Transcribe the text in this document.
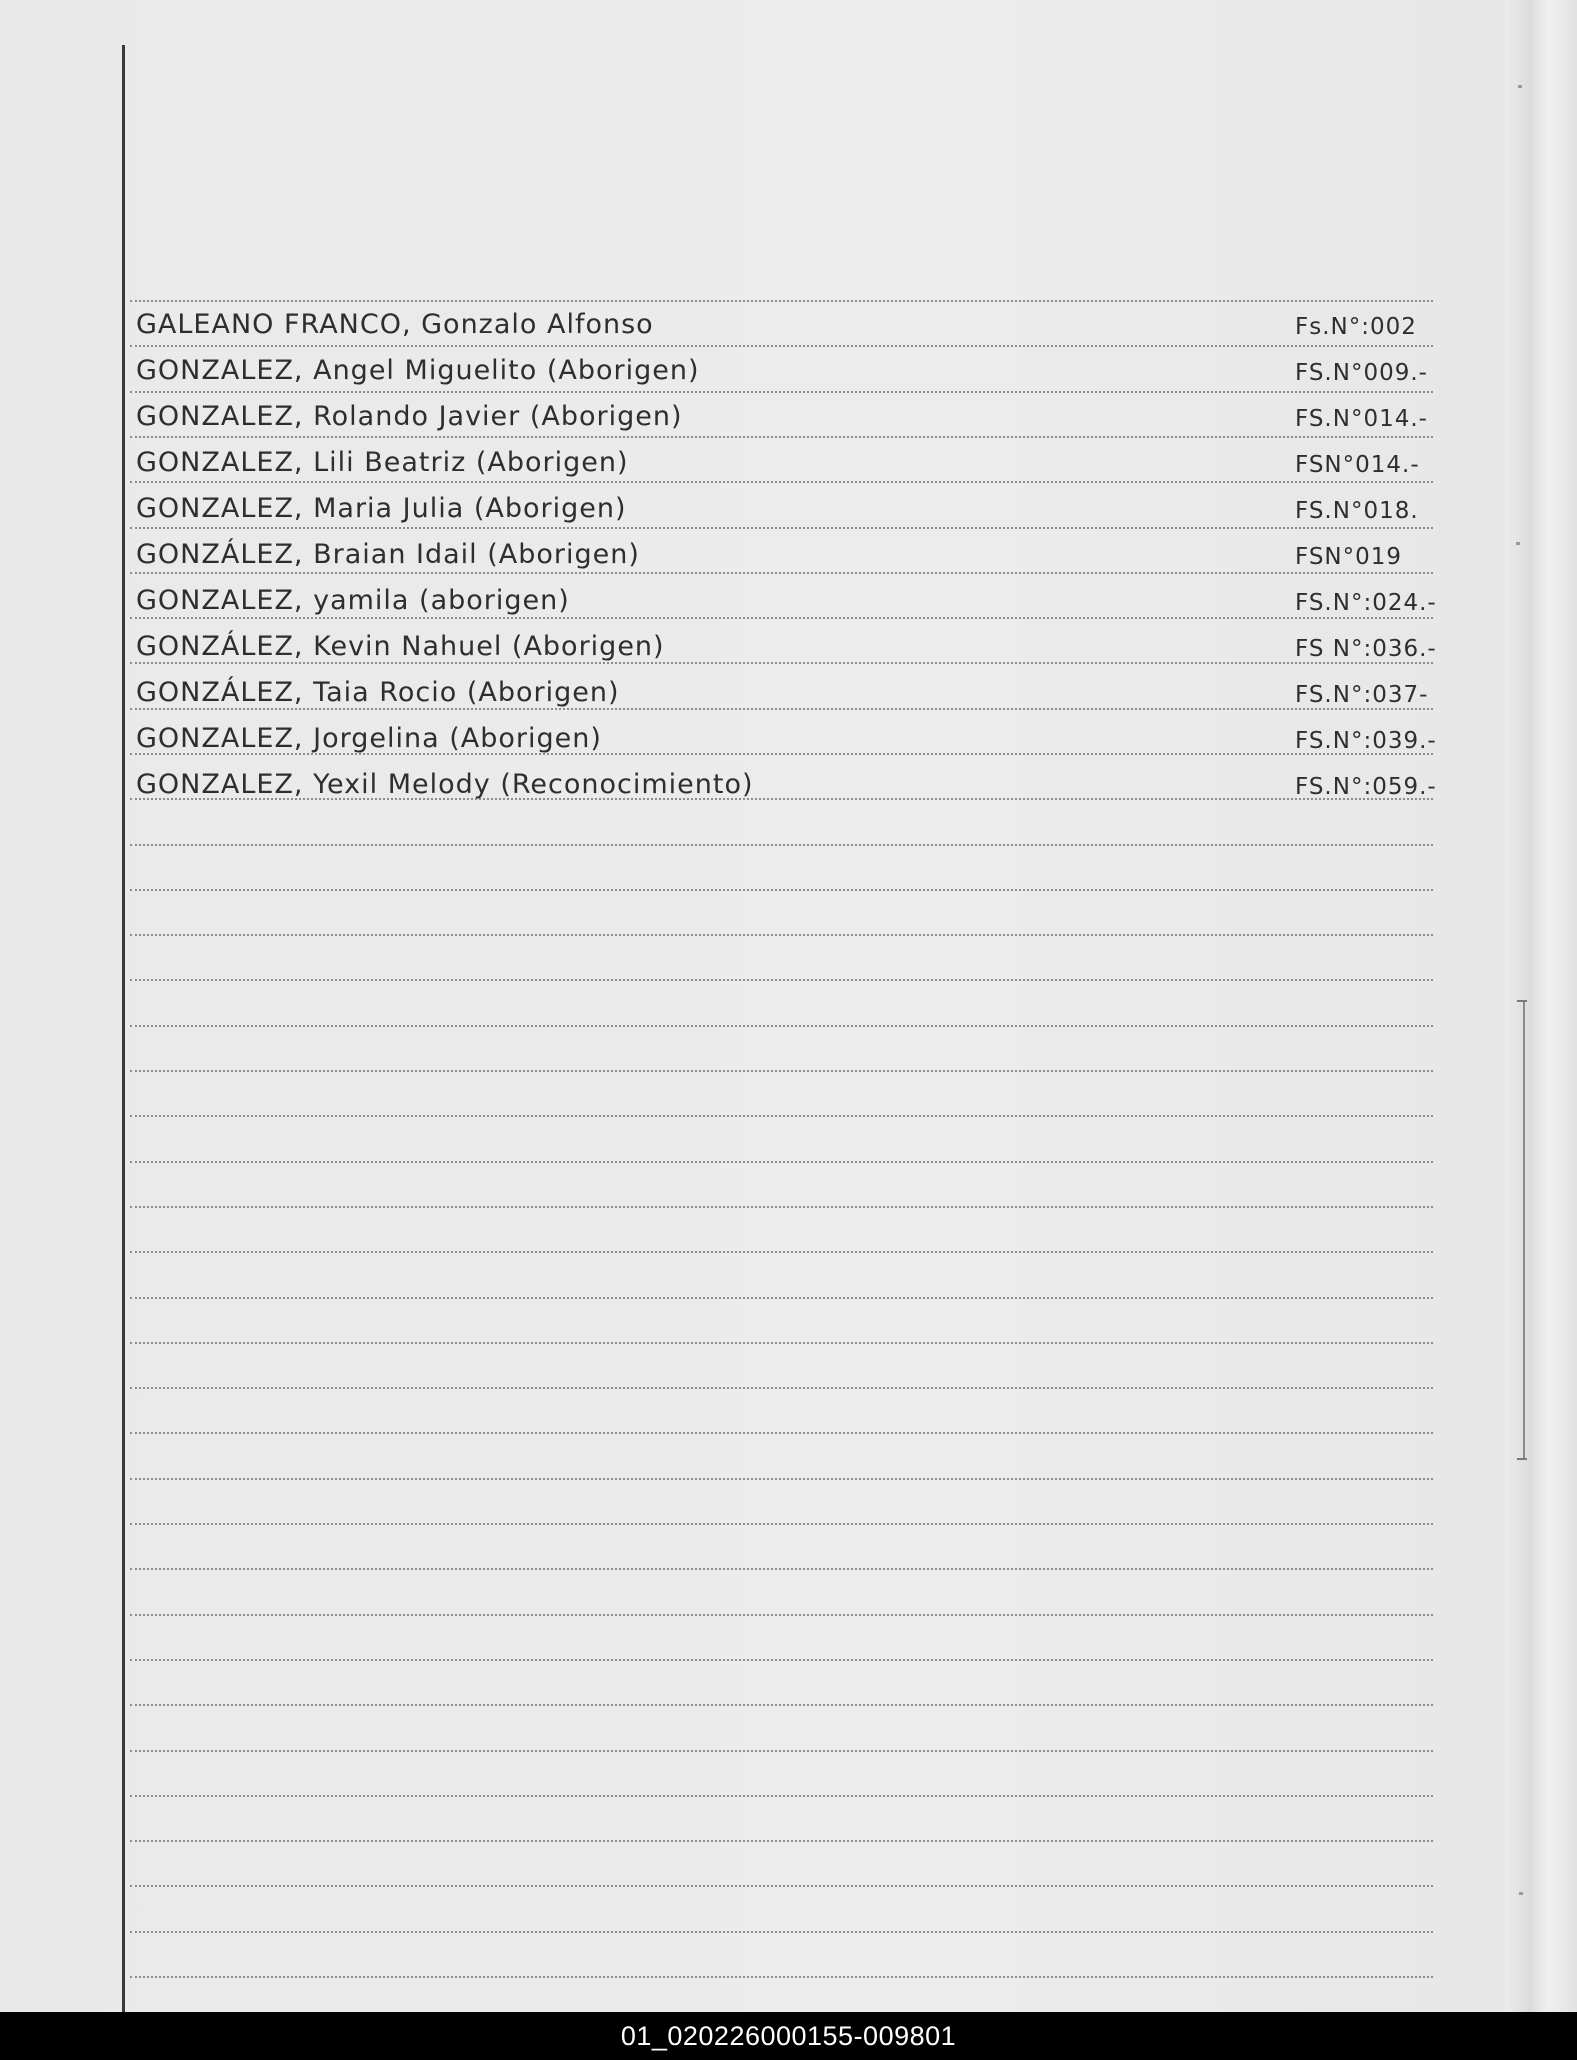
GALEANO FRANCO, Gonzalo Alfonso	Fs.N°:002
GONZALEZ, Angel Miguelito (Aborigen)	FS.N°009.-
GONZALEZ, Rolando Javier (Aborigen)	FS.N°014.-
GONZALEZ, Lili Beatriz (Aborigen)	FSN°014.-
GONZALEZ, Maria Julia (Aborigen)	FS.N°018.
GONZÁLEZ, Braian Idail (Aborigen)	FSN°019
GONZALEZ, yamila (aborigen)	FS.N°:024.-
GONZÁLEZ, Kevin Nahuel (Aborigen)	FS N°:036.-
GONZÁLEZ, Taia Rocio (Aborigen)	FS.N°:037-
GONZALEZ, Jorgelina (Aborigen)	FS.N°:039.-
GONZALEZ, Yexil Melody (Reconocimiento)	FS.N°:059.-
01_020226000155-009801
